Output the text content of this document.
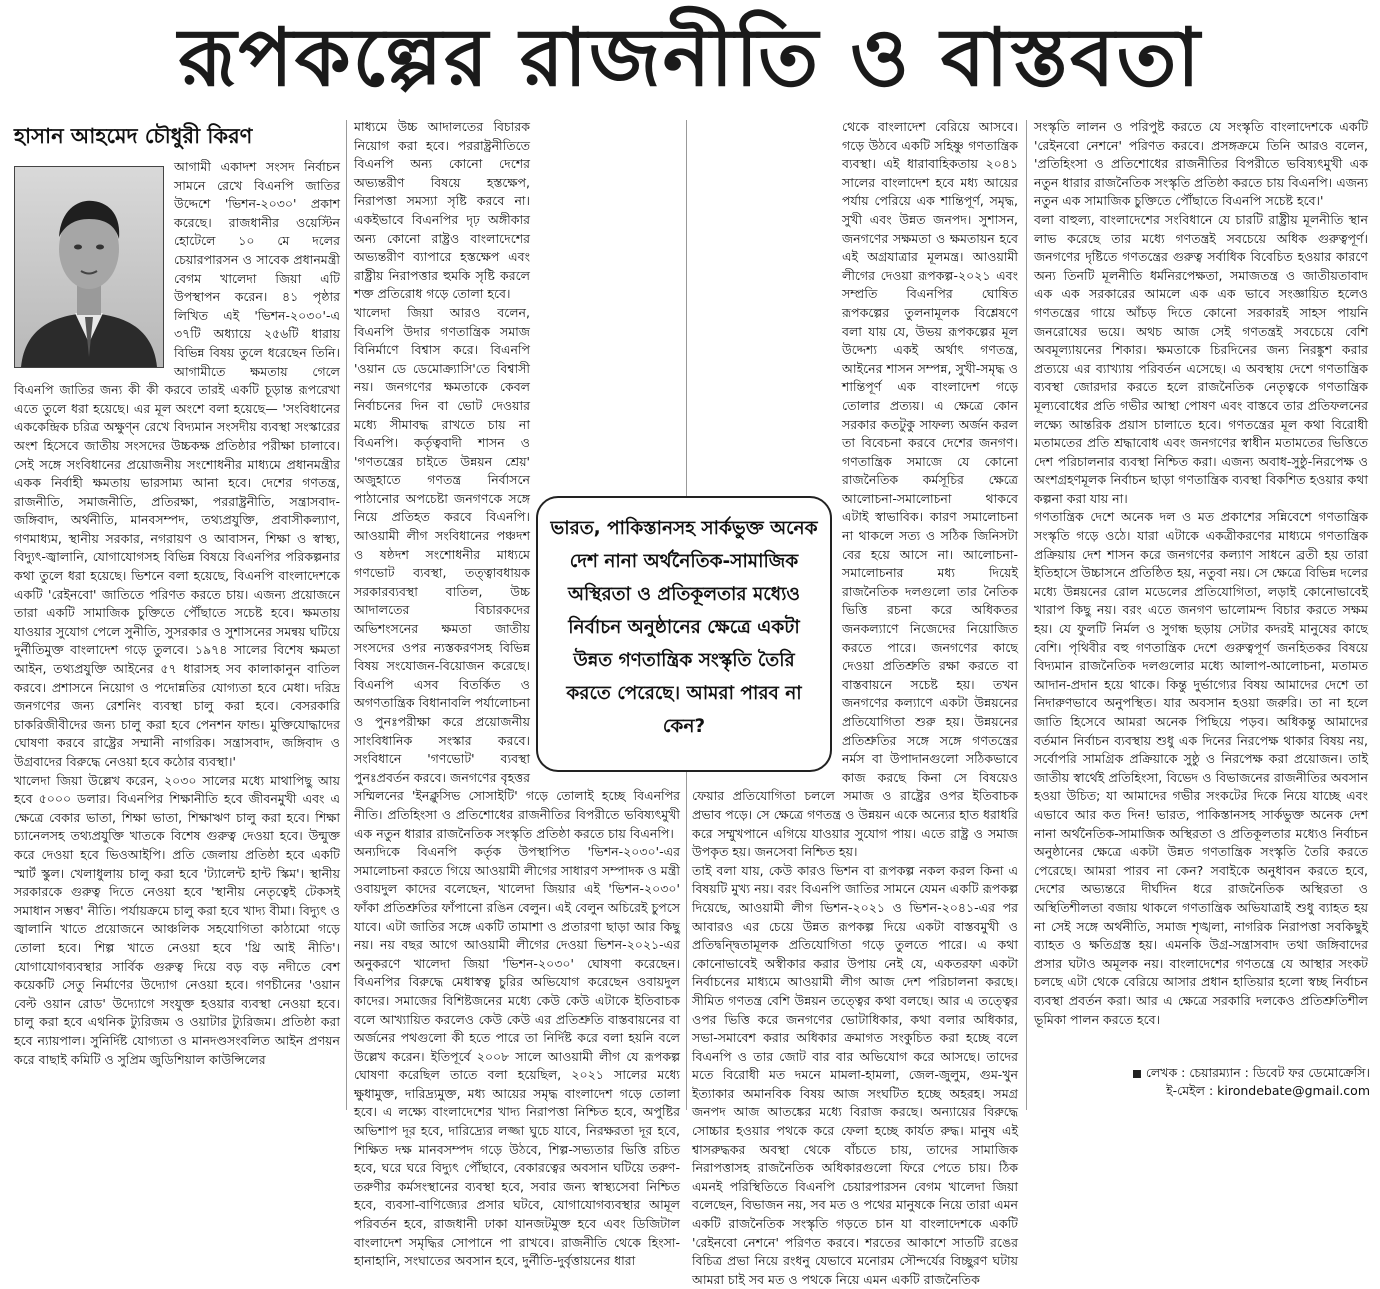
রূপকল্পের রাজনীতি ও বাস্তবতা
হাসান আহমেদ চৌধুরী কিরণ

আগামী একাদশ সংসদ নির্বাচন সামনে রেখে বিএনপি জাতির উদ্দেশে 'ভিশন-২০৩০' প্রকাশ করেছে। রাজধানীর ওয়েস্টিন হোটেলে ১০ মে দলের চেয়ারপারসন ও সাবেক প্রধানমন্ত্রী বেগম খালেদা জিয়া এটি উপস্থাপন করেন। ৪১ পৃষ্ঠার লিখিত এই 'ভিশন-২০৩০'-এ ৩৭টি অধ্যায়ে ২৫৬টি ধারায় বিভিন্ন বিষয় তুলে ধরেছেন তিনি। আগামীতে ক্ষমতায় গেলে বিএনপি জাতির জন্য কী কী করবে তারই একটি চূড়ান্ত রূপরেখা এতে তুলে ধরা হয়েছে। এর মূল অংশে বলা হয়েছে— 'সংবিধানের এককেন্দ্রিক চরিত্র অক্ষুণ্ন রেখে বিদ্যমান সংসদীয় ব্যবস্থা সংস্কারের অংশ হিসেবে জাতীয় সংসদের উচ্চকক্ষ প্রতিষ্ঠার পরীক্ষা চালাবে। সেই সঙ্গে সংবিধানের প্রয়োজনীয় সংশোধনীর মাধ্যমে প্রধানমন্ত্রীর একক নির্বাহী ক্ষমতায় ভারসাম্য আনা হবে। দেশের গণতন্ত্র, রাজনীতি, সমাজনীতি, প্রতিরক্ষা, পররাষ্ট্রনীতি, সন্ত্রাসবাদ-জঙ্গিবাদ, অর্থনীতি, মানবসম্পদ, তথ্যপ্রযুক্তি, প্রবাসীকল্যাণ, গণমাধ্যম, স্থানীয় সরকার, নগরায়ণ ও আবাসন, শিক্ষা ও স্বাস্থ্য, বিদ্যুৎ-জ্বালানি, যোগাযোগসহ বিভিন্ন বিষয়ে বিএনপির পরিকল্পনার কথা তুলে ধরা হয়েছে। ভিশনে বলা হয়েছে, বিএনপি বাংলাদেশকে একটি 'রেইনবো' জাতিতে পরিণত করতে চায়। এজন্য প্রয়োজনে তারা একটি সামাজিক চুক্তিতে পৌঁছাতে সচেষ্ট হবে। ক্ষমতায় যাওয়ার সুযোগ পেলে সুনীতি, সুসরকার ও সুশাসনের সমন্বয় ঘটিয়ে দুর্নীতিমুক্ত বাংলাদেশ গড়ে তুলবে। ১৯৭৪ সালের বিশেষ ক্ষমতা আইন, তথ্যপ্রযুক্তি আইনের ৫৭ ধারাসহ সব কালাকানুন বাতিল করবে। প্রশাসনে নিয়োগ ও পদোন্নতির যোগ্যতা হবে মেধা। দরিদ্র জনগণের জন্য রেশনিং ব্যবস্থা চালু করা হবে। বেসরকারি চাকরিজীবীদের জন্য চালু করা হবে পেনশন ফান্ড। মুক্তিযোদ্ধাদের ঘোষণা করবে রাষ্ট্রের সম্মানী নাগরিক। সন্ত্রাসবাদ, জঙ্গিবাদ ও উগ্রবাদের বিরুদ্ধে নেওয়া হবে কঠোর ব্যবস্থা।'

খালেদা জিয়া উল্লেখ করেন, ২০৩০ সালের মধ্যে মাথাপিছু আয় হবে ৫০০০ ডলার। বিএনপির শিক্ষানীতি হবে জীবনমুখী এবং এ ক্ষেত্রে বেকার ভাতা, শিক্ষা ভাতা, শিক্ষাঋণ চালু করা হবে। শিক্ষা চ্যানেলসহ তথ্যপ্রযুক্তি খাতকে বিশেষ গুরুত্ব দেওয়া হবে। উন্মুক্ত করে দেওয়া হবে ভিওআইপি। প্রতি জেলায় প্রতিষ্ঠা হবে একটি স্মার্ট স্কুল। খেলাধুলায় চালু করা হবে 'ট্যালেন্ট হান্ট স্কিম'। স্থানীয় সরকারকে গুরুত্ব দিতে নেওয়া হবে 'স্থানীয় নেতৃত্বেই টেকসই সমাধান সম্ভব' নীতি। পর্যায়ক্রমে চালু করা হবে খাদ্য বীমা। বিদ্যুৎ ও জ্বালানি খাতে প্রয়োজনে আঞ্চলিক সহযোগিতা কাঠামো গড়ে তোলা হবে। শিল্প খাতে নেওয়া হবে 'থ্রি আই নীতি'। যোগাযোগব্যবস্থার সার্বিক গুরুত্ব দিয়ে বড় বড় নদীতে বেশ কয়েকটি সেতু নির্মাণের উদ্যোগ নেওয়া হবে। গণচীনের 'ওয়ান বেল্ট ওয়ান রোড' উদ্যোগে সংযুক্ত হওয়ার ব্যবস্থা নেওয়া হবে। চালু করা হবে এথনিক ট্যুরিজম ও ওয়াটার ট্যুরিজম। প্রতিষ্ঠা করা হবে ন্যায়পাল। সুনির্দিষ্ট যোগ্যতা ও মানদণ্ডসংবলিত আইন প্রণয়ন করে বাছাই কমিটি ও সুপ্রিম জুডিশিয়াল কাউন্সিলের

মাধ্যমে উচ্চ আদালতের বিচারক নিয়োগ করা হবে। পররাষ্ট্রনীতিতে বিএনপি অন্য কোনো দেশের অভ্যন্তরীণ বিষয়ে হস্তক্ষেপ, নিরাপত্তা সমস্যা সৃষ্টি করবে না। একইভাবে বিএনপির দৃঢ় অঙ্গীকার অন্য কোনো রাষ্ট্রও বাংলাদেশের অভ্যন্তরীণ ব্যাপারে হস্তক্ষেপ এবং রাষ্ট্রীয় নিরাপত্তার হুমকি সৃষ্টি করলে শক্ত প্রতিরোধ গড়ে তোলা হবে।

খালেদা জিয়া আরও বলেন, বিএনপি উদার গণতান্ত্রিক সমাজ বিনির্মাণে বিশ্বাস করে। বিএনপি 'ওয়ান ডে ডেমোক্র্যাসি'তে বিশ্বাসী নয়। জনগণের ক্ষমতাকে কেবল নির্বাচনের দিন বা ভোট দেওয়ার মধ্যে সীমাবদ্ধ রাখতে চায় না বিএনপি। কর্তৃত্ববাদী শাসন ও 'গণতন্ত্রের চাইতে উন্নয়ন শ্রেয়' অজুহাতে গণতন্ত্র নির্বাসনে পাঠানোর অপচেষ্টা জনগণকে সঙ্গে নিয়ে প্রতিহত করবে বিএনপি। আওয়ামী লীগ সংবিধানের পঞ্চদশ ও ষষ্ঠদশ সংশোধনীর মাধ্যমে গণভোট ব্যবস্থা, তত্ত্বাবধায়ক সরকারব্যবস্থা বাতিল, উচ্চ আদালতের বিচারকদের অভিশংসনের ক্ষমতা জাতীয় সংসদের ওপর ন্যস্তকরণসহ বিভিন্ন বিষয় সংযোজন-বিয়োজন করেছে। বিএনপি এসব বিতর্কিত ও অগণতান্ত্রিক বিধানাবলি পর্যালোচনা ও পুনঃপরীক্ষা করে প্রয়োজনীয় সাংবিধানিক সংস্কার করবে। সংবিধানে 'গণভোট' ব্যবস্থা পুনঃপ্রবর্তন করবে। জনগণের বৃহত্তর সম্মিলনের 'ইনক্লুসিভ সোসাইটি' গড়ে তোলাই হচ্ছে বিএনপির নীতি। প্রতিহিংসা ও প্রতিশোধের রাজনীতির বিপরীতে ভবিষ্যৎমুখী এক নতুন ধারার রাজনৈতিক সংস্কৃতি প্রতিষ্ঠা করতে চায় বিএনপি।

অন্যদিকে বিএনপি কর্তৃক উপস্থাপিত 'ভিশন-২০৩০'-এর সমালোচনা করতে গিয়ে আওয়ামী লীগের সাধারণ সম্পাদক ও মন্ত্রী ওবায়দুল কাদের বলেছেন, খালেদা জিয়ার এই 'ভিশন-২০৩০' ফাঁকা প্রতিশ্রুতির ফাঁপানো রঙিন বেলুন। এই বেলুন অচিরেই চুপসে যাবে। এটা জাতির সঙ্গে একটি তামাশা ও প্রতারণা ছাড়া আর কিছু নয়। নয় বছর আগে আওয়ামী লীগের দেওয়া ভিশন-২০২১-এর অনুকরণে খালেদা জিয়া 'ভিশন-২০৩০' ঘোষণা করেছেন। বিএনপির বিরুদ্ধে মেধাস্বত্ব চুরির অভিযোগ করেছেন ওবায়দুল কাদের। সমাজের বিশিষ্টজনের মধ্যে কেউ কেউ এটাকে ইতিবাচক বলে আখ্যায়িত করলেও কেউ কেউ এর প্রতিশ্রুতি বাস্তবায়নের বা অর্জনের পথগুলো কী হতে পারে তা নির্দিষ্ট করে বলা হয়নি বলে উল্লেখ করেন। ইতিপূর্বে ২০০৮ সালে আওয়ামী লীগ যে রূপকল্প ঘোষণা করেছিল তাতে বলা হয়েছিল, ২০২১ সালের মধ্যে ক্ষুধামুক্ত, দারিদ্র্যমুক্ত, মধ্য আয়ের সমৃদ্ধ বাংলাদেশ গড়ে তোলা হবে। এ লক্ষ্যে বাংলাদেশের খাদ্য নিরাপত্তা নিশ্চিত হবে, অপুষ্টির অভিশাপ দূর হবে, দারিদ্র্যের লজ্জা ঘুচে যাবে, নিরক্ষরতা দূর হবে, শিক্ষিত দক্ষ মানবসম্পদ গড়ে উঠবে, শিল্প-সভ্যতার ভিত্তি রচিত হবে, ঘরে ঘরে বিদ্যুৎ পৌঁছাবে, বেকারত্বের অবসান ঘটিয়ে তরুণ-তরুণীর কর্মসংস্থানের ব্যবস্থা হবে, সবার জন্য স্বাস্থ্যসেবা নিশ্চিত হবে, ব্যবসা-বাণিজ্যের প্রসার ঘটবে, যোগাযোগব্যবস্থার আমূল পরিবর্তন হবে, রাজধানী ঢাকা যানজটমুক্ত হবে এবং ডিজিটাল বাংলাদেশ সমৃদ্ধির সোপানে পা রাখবে। রাজনীতি থেকে হিংসা-হানাহানি, সংঘাতের অবসান হবে, দুর্নীতি-দুর্বৃত্তায়নের ধারা

থেকে বাংলাদেশ বেরিয়ে আসবে। গড়ে উঠবে একটি সহিষ্ণু গণতান্ত্রিক ব্যবস্থা। এই ধারাবাহিকতায় ২০৪১ সালের বাংলাদেশ হবে মধ্য আয়ের পর্যায় পেরিয়ে এক শান্তিপূর্ণ, সমৃদ্ধ, সুখী এবং উন্নত জনপদ। সুশাসন, জনগণের সক্ষমতা ও ক্ষমতায়ন হবে এই অগ্রযাত্রার মূলমন্ত্র। আওয়ামী লীগের দেওয়া রূপকল্প-২০২১ এবং সম্প্রতি বিএনপির ঘোষিত রূপকল্পের তুলনামূলক বিশ্লেষণে বলা যায় যে, উভয় রূপকল্পের মূল উদ্দেশ্য একই অর্থাৎ গণতন্ত্র, আইনের শাসন সম্পন্ন, সুখী-সমৃদ্ধ ও শান্তিপূর্ণ এক বাংলাদেশ গড়ে তোলার প্রত্যয়। এ ক্ষেত্রে কোন সরকার কতটুকু সাফল্য অর্জন করল তা বিবেচনা করবে দেশের জনগণ। গণতান্ত্রিক সমাজে যে কোনো রাজনৈতিক কর্মসূচির ক্ষেত্রে আলোচনা-সমালোচনা থাকবে এটাই স্বাভাবিক। কারণ সমালোচনা না থাকলে সত্য ও সঠিক জিনিসটা বের হয়ে আসে না। আলোচনা-সমালোচনার মধ্য দিয়েই রাজনৈতিক দলগুলো তার নৈতিক ভিত্তি রচনা করে অধিকতর জনকল্যাণে নিজেদের নিয়োজিত করতে পারে। জনগণের কাছে দেওয়া প্রতিশ্রুতি রক্ষা করতে বা বাস্তবায়নে সচেষ্ট হয়। তখন জনগণের কল্যাণে একটা উন্নয়নের প্রতিযোগিতা শুরু হয়। উন্নয়নের প্রতিশ্রুতির সঙ্গে সঙ্গে গণতন্ত্রের নর্মস বা উপাদানগুলো সঠিকভাবে কাজ করছে কিনা সে বিষয়েও ফেয়ার প্রতিযোগিতা চললে সমাজ ও রাষ্ট্রের ওপর ইতিবাচক প্রভাব পড়ে। সে ক্ষেত্রে গণতন্ত্র ও উন্নয়ন একে অন্যের হাত ধরাধরি করে সম্মুখপানে এগিয়ে যাওয়ার সুযোগ পায়। এতে রাষ্ট্র ও সমাজ উপকৃত হয়। জনসেবা নিশ্চিত হয়।

তাই বলা যায়, কেউ কারও ভিশন বা রূপকল্প নকল করল কিনা এ বিষয়টি মুখ্য নয়। বরং বিএনপি জাতির সামনে যেমন একটি রূপকল্প দিয়েছে, আওয়ামী লীগ ভিশন-২০২১ ও ভিশন-২০৪১-এর পর আবারও এর চেয়ে উন্নত রূপকল্প দিয়ে একটা বাস্তবমুখী ও প্রতিদ্বন্দ্বিতামূলক প্রতিযোগিতা গড়ে তুলতে পারে। এ কথা কোনোভাবেই অস্বীকার করার উপায় নেই যে, একতরফা একটা নির্বাচনের মাধ্যমে আওয়ামী লীগ আজ দেশ পরিচালনা করছে। সীমিত গণতন্ত্র বেশি উন্নয়ন তত্ত্বের কথা বলছে। আর এ তত্ত্বের ওপর ভিত্তি করে জনগণের ভোটাধিকার, কথা বলার অধিকার, সভা-সমাবেশ করার অধিকার ক্রমাগত সংকুচিত করা হচ্ছে বলে বিএনপি ও তার জোট বার বার অভিযোগ করে আসছে। তাদের মতে বিরোধী মত দমনে মামলা-হামলা, জেল-জুলুম, গুম-খুন ইত্যাকার অমানবিক বিষয় আজ সংঘটিত হচ্ছে অহরহ। সমগ্র জনপদ আজ আতঙ্কের মধ্যে বিরাজ করছে। অন্যায়ের বিরুদ্ধে সোচ্চার হওয়ার পথকে করে ফেলা হচ্ছে কার্যত রুদ্ধ। মানুষ এই শ্বাসরুদ্ধকর অবস্থা থেকে বাঁচতে চায়, তাদের সামাজিক নিরাপত্তাসহ রাজনৈতিক অধিকারগুলো ফিরে পেতে চায়। ঠিক এমনই পরিস্থিতিতে বিএনপি চেয়ারপারসন বেগম খালেদা জিয়া বলেছেন, বিভাজন নয়, সব মত ও পথের মানুষকে নিয়ে তারা এমন একটি রাজনৈতিক সংস্কৃতি গড়তে চান যা বাংলাদেশকে একটি 'রেইনবো নেশনে' পরিণত করবে। শরতের আকাশে সাতটি রঙের বিচিত্র প্রভা নিয়ে রংধনু যেভাবে মনোরম সৌন্দর্যের বিচ্ছুরণ ঘটায় আমরা চাই সব মত ও পথকে নিয়ে এমন একটি রাজনৈতিক

সংস্কৃতি লালন ও পরিপুষ্ট করতে যে সংস্কৃতি বাংলাদেশকে একটি 'রেইনবো নেশনে' পরিণত করবে। প্রসঙ্গক্রমে তিনি আরও বলেন, 'প্রতিহিংসা ও প্রতিশোধের রাজনীতির বিপরীতে ভবিষ্যৎমুখী এক নতুন ধারার রাজনৈতিক সংস্কৃতি প্রতিষ্ঠা করতে চায় বিএনপি। এজন্য নতুন এক সামাজিক চুক্তিতে পৌঁছাতে বিএনপি সচেষ্ট হবে।'

বলা বাহুল্য, বাংলাদেশের সংবিধানে যে চারটি রাষ্ট্রীয় মূলনীতি স্থান লাভ করেছে তার মধ্যে গণতন্ত্রই সবচেয়ে অধিক গুরুত্বপূর্ণ। জনগণের দৃষ্টিতে গণতন্ত্রের গুরুত্ব সর্বাধিক বিবেচিত হওয়ার কারণে অন্য তিনটি মূলনীতি ধর্মনিরপেক্ষতা, সমাজতন্ত্র ও জাতীয়তাবাদ এক এক সরকারের আমলে এক এক ভাবে সংজ্ঞায়িত হলেও গণতন্ত্রের গায়ে আঁচড় দিতে কোনো সরকারই সাহস পায়নি জনরোষের ভয়ে। অথচ আজ সেই গণতন্ত্রই সবচেয়ে বেশি অবমূল্যায়নের শিকার। ক্ষমতাকে চিরদিনের জন্য নিরঙ্কুশ করার প্রত্যয়ে এর ব্যাখ্যায় পরিবর্তন এসেছে। এ অবস্থায় দেশে গণতান্ত্রিক ব্যবস্থা জোরদার করতে হলে রাজনৈতিক নেতৃত্বকে গণতান্ত্রিক মূল্যবোধের প্রতি গভীর আস্থা পোষণ এবং বাস্তবে তার প্রতিফলনের লক্ষ্যে আন্তরিক প্রয়াস চালাতে হবে। গণতন্ত্রের মূল কথা বিরোধী মতামতের প্রতি শ্রদ্ধাবোধ এবং জনগণের স্বাধীন মতামতের ভিত্তিতে দেশ পরিচালনার ব্যবস্থা নিশ্চিত করা। এজন্য অবাধ-সুষ্ঠু-নিরপেক্ষ ও অংশগ্রহণমূলক নির্বাচন ছাড়া গণতান্ত্রিক ব্যবস্থা বিকশিত হওয়ার কথা কল্পনা করা যায় না।

গণতান্ত্রিক দেশে অনেক দল ও মত প্রকাশের সন্নিবেশে গণতান্ত্রিক সংস্কৃতি গড়ে ওঠে। যারা এটাকে একত্রীকরণের মাধ্যমে গণতান্ত্রিক প্রক্রিয়ায় দেশ শাসন করে জনগণের কল্যাণ সাধনে ব্রতী হয় তারা ইতিহাসে উচ্চাসনে প্রতিষ্ঠিত হয়, নতুবা নয়। সে ক্ষেত্রে বিভিন্ন দলের মধ্যে উন্নয়নের রোল মডেলের প্রতিযোগিতা, লড়াই কোনোভাবেই খারাপ কিছু নয়। বরং এতে জনগণ ভালোমন্দ বিচার করতে সক্ষম হয়। যে ফুলটি নির্মল ও সুগন্ধ ছড়ায় সেটার কদরই মানুষের কাছে বেশি। পৃথিবীর বহু গণতান্ত্রিক দেশে গুরুত্বপূর্ণ জনহিতকর বিষয়ে বিদ্যমান রাজনৈতিক দলগুলোর মধ্যে আলাপ-আলোচনা, মতামত আদান-প্রদান হয়ে থাকে। কিন্তু দুর্ভাগ্যের বিষয় আমাদের দেশে তা নিদারুণভাবে অনুপস্থিত। যার অবসান হওয়া জরুরি। তা না হলে জাতি হিসেবে আমরা অনেক পিছিয়ে পড়ব। অধিকন্তু আমাদের বর্তমান নির্বাচন ব্যবস্থায় শুধু এক দিনের নিরপেক্ষ থাকার বিষয় নয়, সর্বোপরি সামগ্রিক প্রক্রিয়াকে সুষ্ঠু ও নিরপেক্ষ করা প্রয়োজন। তাই জাতীয় স্বার্থেই প্রতিহিংসা, বিভেদ ও বিভাজনের রাজনীতির অবসান হওয়া উচিত; যা আমাদের গভীর সংকটের দিকে নিয়ে যাচ্ছে এবং এভাবে আর কত দিন! ভারত, পাকিস্তানসহ সার্কভুক্ত অনেক দেশ নানা অর্থনৈতিক-সামাজিক অস্থিরতা ও প্রতিকূলতার মধ্যেও নির্বাচন অনুষ্ঠানের ক্ষেত্রে একটা উন্নত গণতান্ত্রিক সংস্কৃতি তৈরি করতে পেরেছে। আমরা পারব না কেন? সবাইকে অনুধাবন করতে হবে, দেশের অভ্যন্তরে দীর্ঘদিন ধরে রাজনৈতিক অস্থিরতা ও অস্থিতিশীলতা বজায় থাকলে গণতান্ত্রিক অভিযাত্রাই শুধু ব্যাহত হয় না সেই সঙ্গে অর্থনীতি, সমাজ শৃঙ্খলা, নাগরিক নিরাপত্তা সবকিছুই ব্যাহত ও ক্ষতিগ্রস্ত হয়। এমনকি উগ্র-সন্ত্রাসবাদ তথা জঙ্গিবাদের প্রসার ঘটাও অমূলক নয়। বাংলাদেশের গণতন্ত্রে যে আস্থার সংকট চলছে এটা থেকে বেরিয়ে আসার প্রধান হাতিয়ার হলো স্বচ্ছ নির্বাচন ব্যবস্থা প্রবর্তন করা। আর এ ক্ষেত্রে সরকারি দলকেও প্রতিশ্রুতিশীল ভূমিকা পালন করতে হবে।

ভারত, পাকিস্তানসহ সার্কভুক্ত অনেক দেশ নানা অর্থনৈতিক-সামাজিক অস্থিরতা ও প্রতিকূলতার মধ্যেও নির্বাচন অনুষ্ঠানের ক্ষেত্রে একটা উন্নত গণতান্ত্রিক সংস্কৃতি তৈরি করতে পেরেছে। আমরা পারব না কেন?
লেখক : চেয়ারম্যান : ডিবেট ফর ডেমোক্রেসি।
ই-মেইল : kirondebate@gmail.com
